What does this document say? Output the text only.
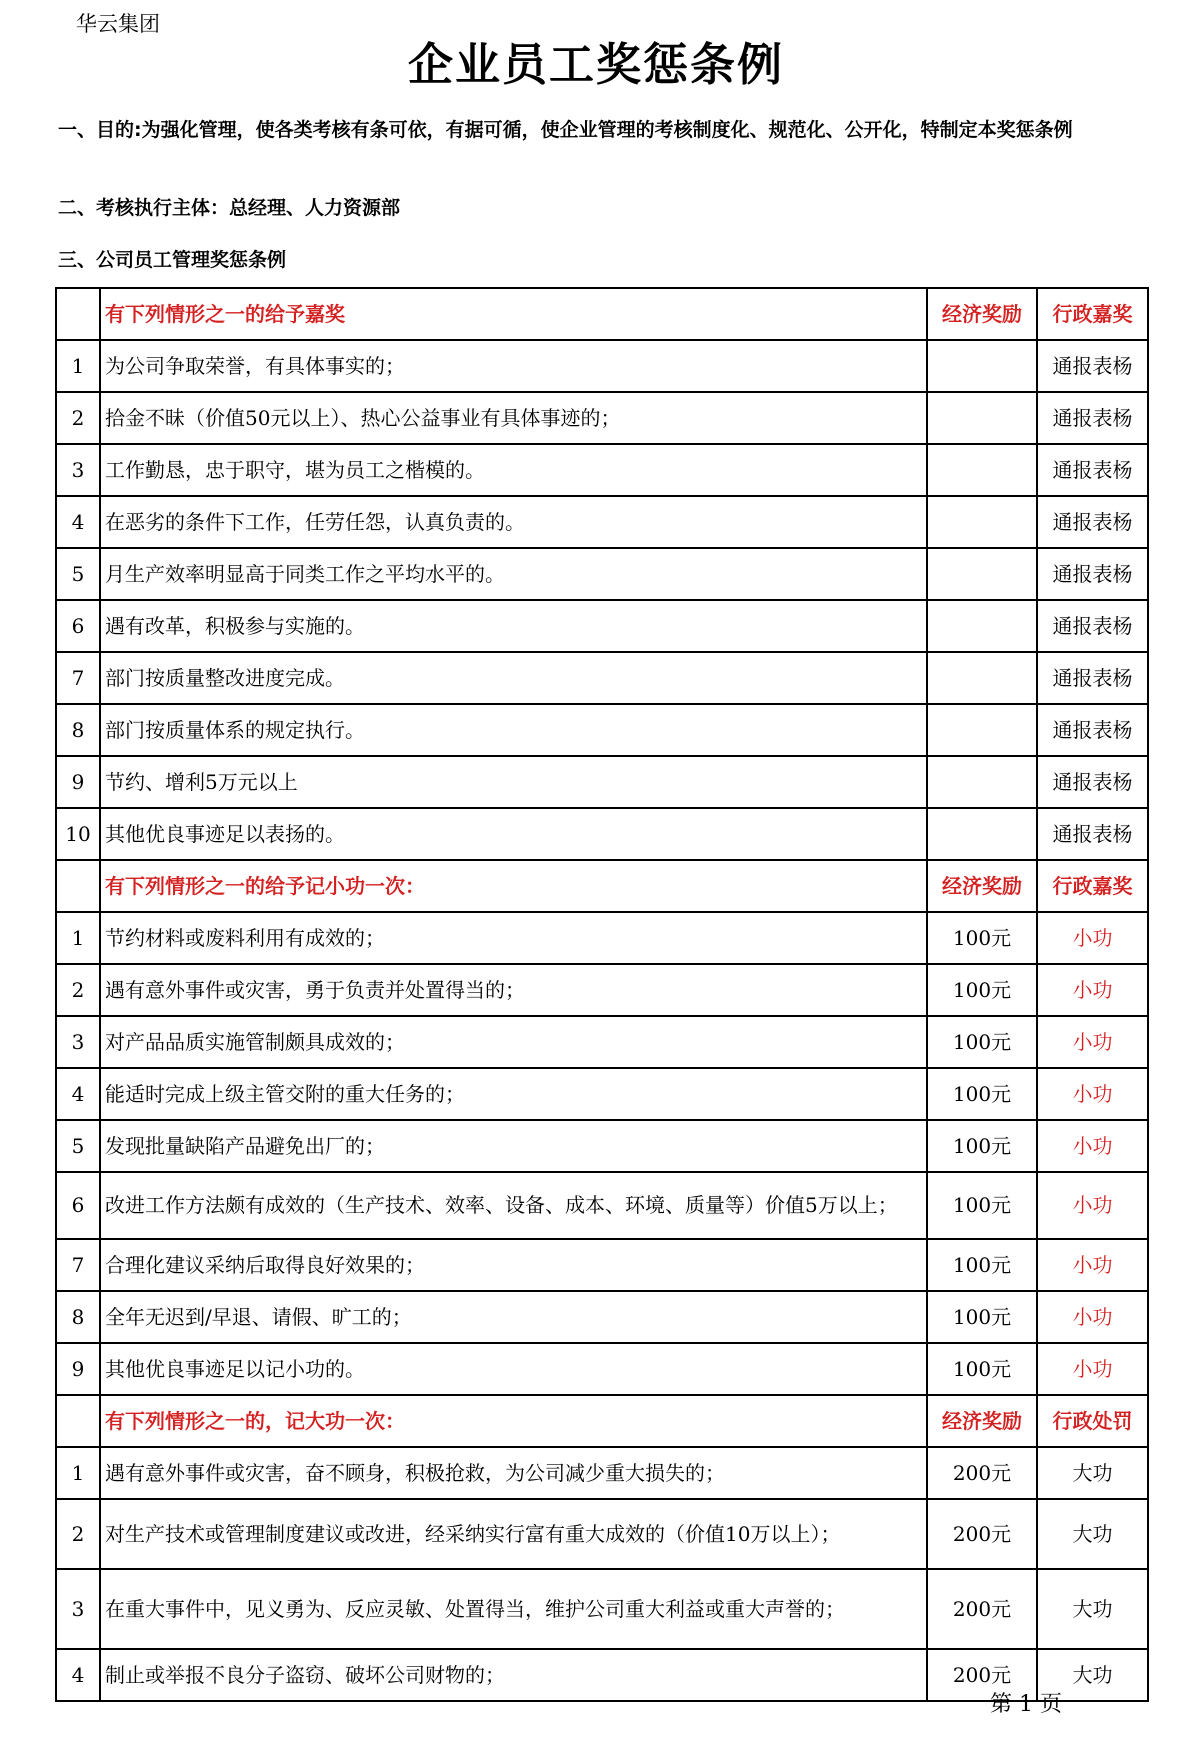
华云集团
企业员工奖惩条例
一、目的:为强化管理，使各类考核有条可依，有据可循，使企业管理的考核制度化、规范化、公开化，特制定本奖惩条例
二、考核执行主体：总经理、人力资源部
三、公司员工管理奖惩条例
	有下列情形之一的给予嘉奖	经济奖励	行政嘉奖
1	为公司争取荣誉，有具体事实的；		通报表杨
2	拾金不昧（价值50元以上）、热心公益事业有具体事迹的；		通报表杨
3	工作勤恳，忠于职守，堪为员工之楷模的。		通报表杨
4	在恶劣的条件下工作，任劳任怨，认真负责的。		通报表杨
5	月生产效率明显高于同类工作之平均水平的。		通报表杨
6	遇有改革，积极参与实施的。		通报表杨
7	部门按质量整改进度完成。		通报表杨
8	部门按质量体系的规定执行。		通报表杨
9	节约、增利5万元以上		通报表杨
10	其他优良事迹足以表扬的。		通报表杨
	有下列情形之一的给予记小功一次：	经济奖励	行政嘉奖
1	节约材料或废料利用有成效的；	100元	小功
2	遇有意外事件或灾害，勇于负责并处置得当的；	100元	小功
3	对产品品质实施管制颇具成效的；	100元	小功
4	能适时完成上级主管交附的重大任务的；	100元	小功
5	发现批量缺陷产品避免出厂的；	100元	小功
6	改进工作方法颇有成效的（生产技术、效率、设备、成本、环境、质量等）价值5万以上；	100元	小功
7	合理化建议采纳后取得良好效果的；	100元	小功
8	全年无迟到/早退、请假、旷工的；	100元	小功
9	其他优良事迹足以记小功的。	100元	小功
	有下列情形之一的，记大功一次：	经济奖励	行政处罚
1	遇有意外事件或灾害，奋不顾身，积极抢救，为公司减少重大损失的；	200元	大功
2	对生产技术或管理制度建议或改进，经采纳实行富有重大成效的（价值10万以上）；	200元	大功
3	在重大事件中，见义勇为、反应灵敏、处置得当，维护公司重大利益或重大声誉的；	200元	大功
4	制止或举报不良分子盗窃、破坏公司财物的；	200元	大功
第 1 页
